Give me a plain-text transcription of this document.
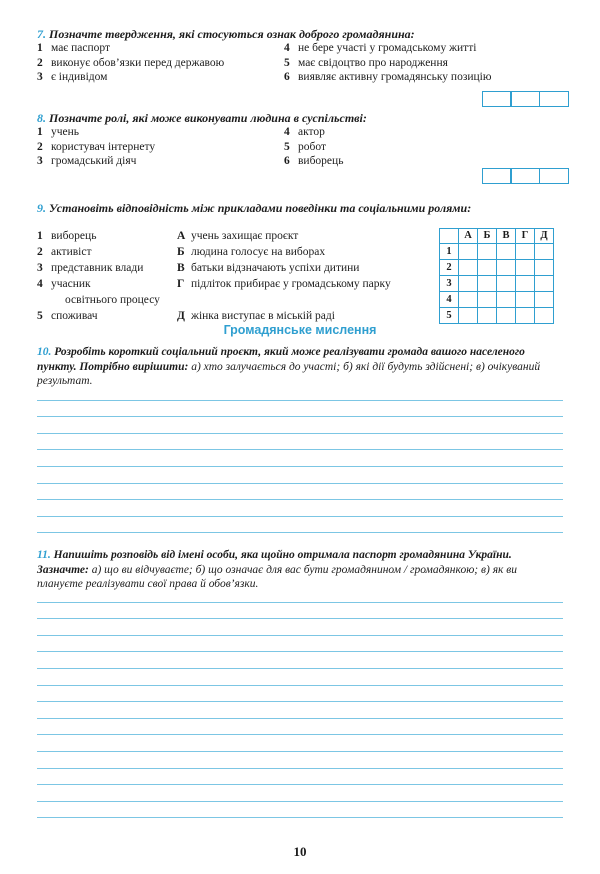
7. Позначте твердження, які стосуються ознак доброго громадянина:
1 має паспорт
2 виконує обов’язки перед державою
3 є індивідом
4 не бере участі у громадському житті
5 має свідоцтво про народження
6 виявляє активну громадянську позицію
8. Позначте ролі, які може виконувати людина в суспільстві:
1 учень
2 користувач інтернету
3 громадський діяч
4 актор
5 робот
6 виборець
9. Установіть відповідність між прикладами поведінки та соціальними ролями:
1 виборець
2 активіст
3 представник влади
4 учасник
освітнього процесу
5 споживач
А учень захищає проєкт
Б людина голосує на виборах
В батьки відзначають успіхи дитини
Г підліток прибирає у громадському парку
Д жінка виступає в міській раді
	А	Б	В	Г	Д
1					
2					
3					
4					
5					
Громадянське мислення
10. Розробіть короткий соціальний проєкт, який може реалізувати громада вашого населеного пункту. Потрібно вирішити: а) хто залучається до участі; б) які дії будуть здійснені; в) очікуваний результат.
11. Напишіть розповідь від імені особи, яка щойно отримала паспорт громадянина України. Зазначте: а) що ви відчуваєте; б) що означає для вас бути громадянином / громадянкою; в) як ви плануєте реалізувати свої права й обов’язки.
10
